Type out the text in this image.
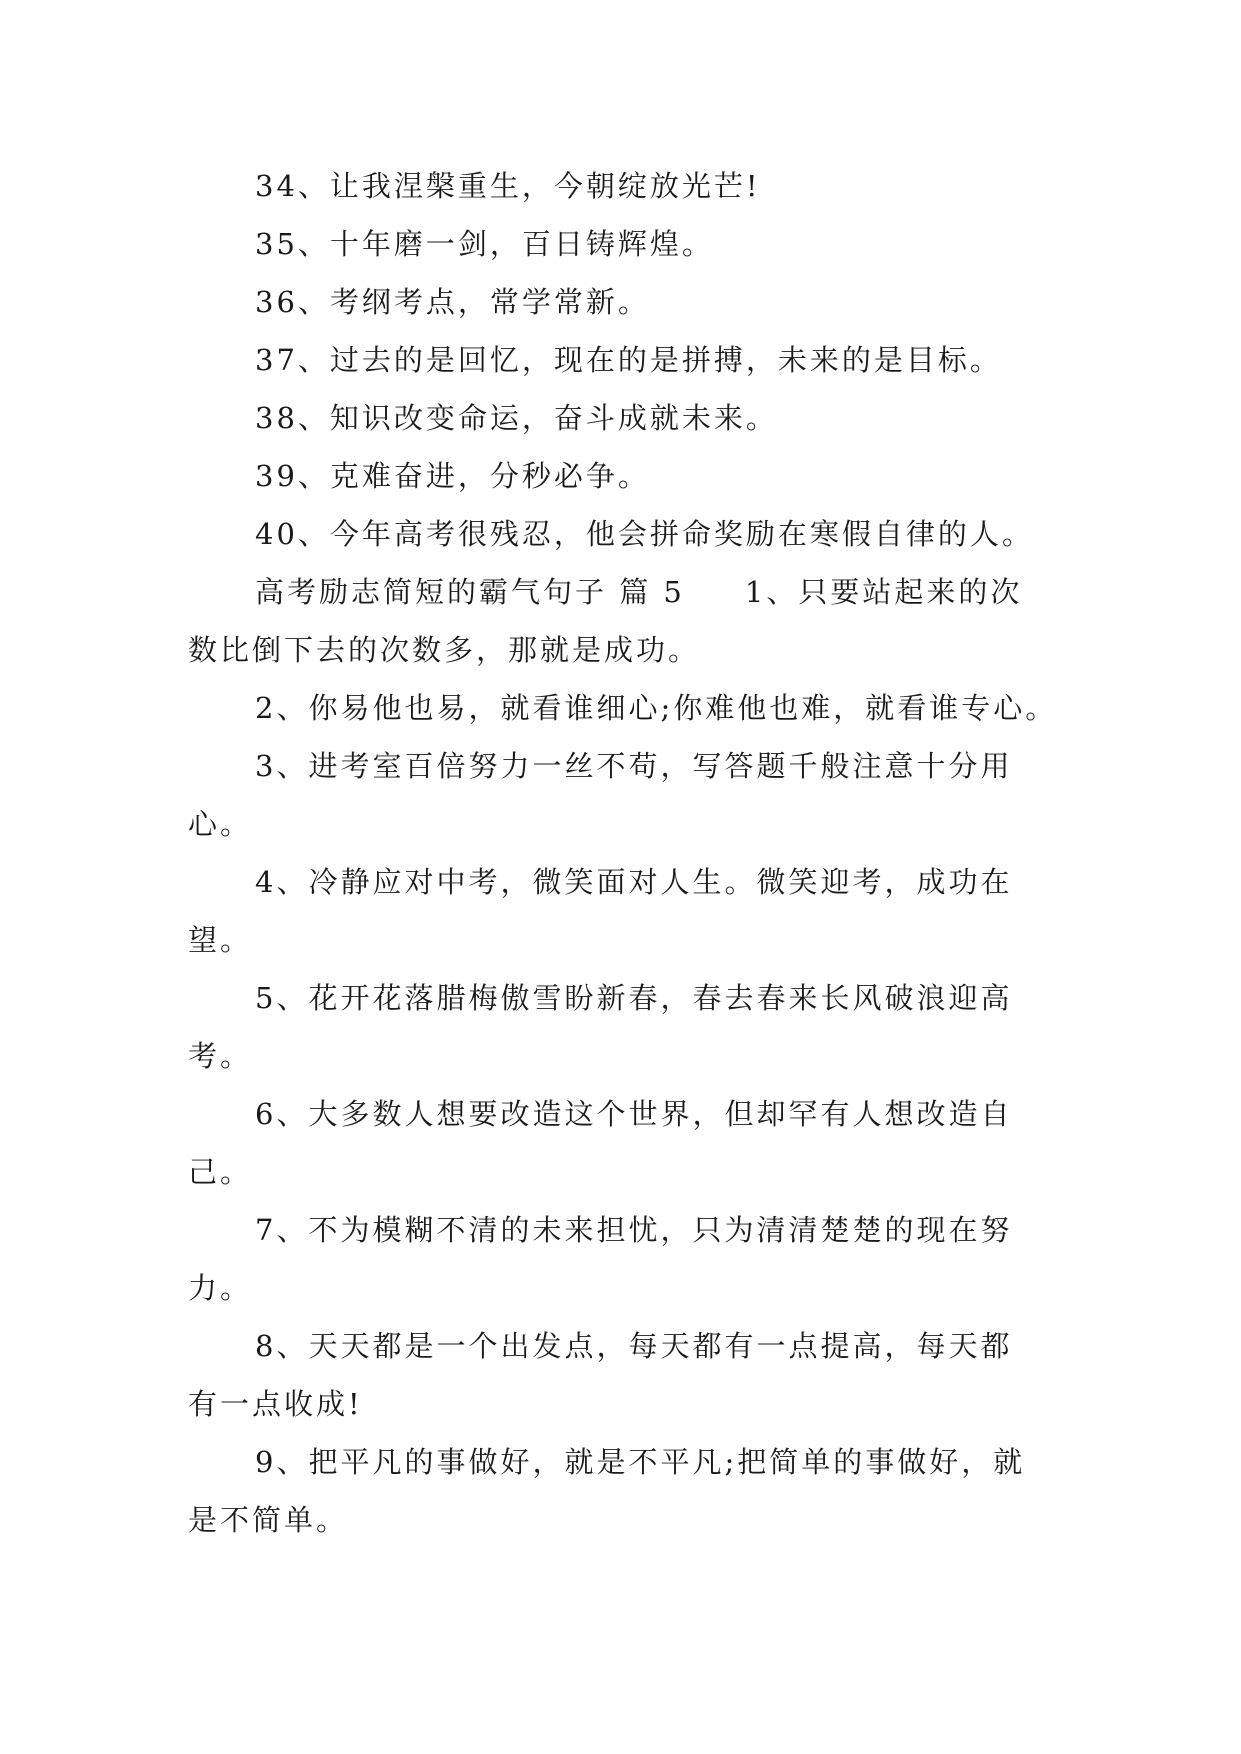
34、让我涅槃重生，今朝绽放光芒!
35、十年磨一剑，百日铸辉煌。
36、考纲考点，常学常新。
37、过去的是回忆，现在的是拼搏，未来的是目标。
38、知识改变命运，奋斗成就未来。
39、克难奋进，分秒必争。
40、今年高考很残忍，他会拼命奖励在寒假自律的人。
高考励志简短的霸气句子 篇 5 1、只要站起来的次
数比倒下去的次数多，那就是成功。
2、你易他也易，就看谁细心;你难他也难，就看谁专心。
3、进考室百倍努力一丝不苟，写答题千般注意十分用
心。
4、冷静应对中考，微笑面对人生。微笑迎考，成功在
望。
5、花开花落腊梅傲雪盼新春，春去春来长风破浪迎高
考。
6、大多数人想要改造这个世界，但却罕有人想改造自
己。
7、不为模糊不清的未来担忧，只为清清楚楚的现在努
力。
8、天天都是一个出发点，每天都有一点提高，每天都
有一点收成!
9、把平凡的事做好，就是不平凡;把简单的事做好，就
是不简单。
